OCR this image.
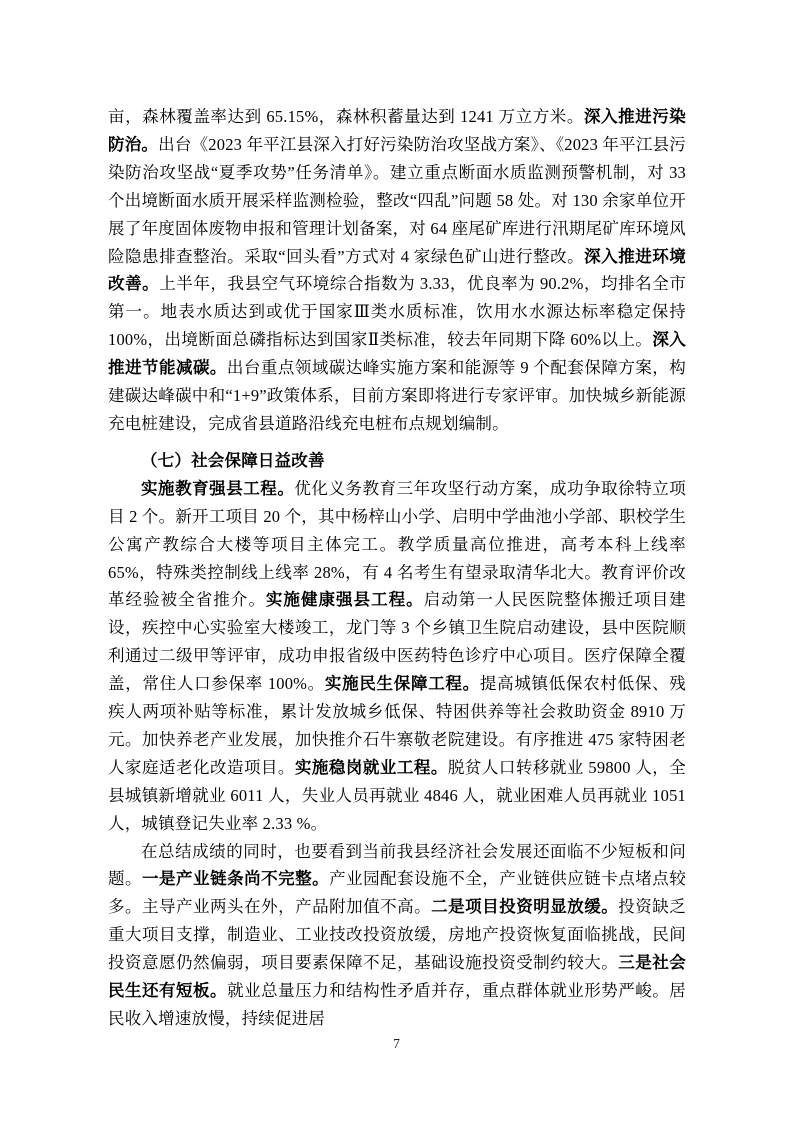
亩，森林覆盖率达到 65.15%，森林积蓄量达到 1241 万立方米。深入推进污染防治。出台《2023 年平江县深入打好污染防治攻坚战方案》、《2023 年平江县污染防治攻坚战“夏季攻势”任务清单》。建立重点断面水质监测预警机制，对 33 个出境断面水质开展采样监测检验，整改“四乱”问题 58 处。对 130 余家单位开展了年度固体废物申报和管理计划备案，对 64 座尾矿库进行汛期尾矿库环境风险隐患排查整治。采取“回头看”方式对 4 家绿色矿山进行整改。深入推进环境改善。上半年，我县空气环境综合指数为 3.33，优良率为 90.2%，均排名全市第一。地表水质达到或优于国家Ⅲ类水质标准，饮用水水源达标率稳定保持 100%，出境断面总磷指标达到国家Ⅱ类标准，较去年同期下降 60%以上。深入推进节能减碳。出台重点领域碳达峰实施方案和能源等 9 个配套保障方案，构建碳达峰碳中和“1+9”政策体系，目前方案即将进行专家评审。加快城乡新能源充电桩建设，完成省县道路沿线充电桩布点规划编制。

（七）社会保障日益改善

实施教育强县工程。优化义务教育三年攻坚行动方案，成功争取徐特立项目 2 个。新开工项目 20 个，其中杨梓山小学、启明中学曲池小学部、职校学生公寓产教综合大楼等项目主体完工。教学质量高位推进，高考本科上线率 65%，特殊类控制线上线率 28%，有 4 名考生有望录取清华北大。教育评价改革经验被全省推介。实施健康强县工程。启动第一人民医院整体搬迁项目建设，疾控中心实验室大楼竣工，龙门等 3 个乡镇卫生院启动建设，县中医院顺利通过二级甲等评审，成功申报省级中医药特色诊疗中心项目。医疗保障全覆盖，常住人口参保率 100%。实施民生保障工程。提高城镇低保农村低保、残疾人两项补贴等标准，累计发放城乡低保、特困供养等社会救助资金 8910 万元。加快养老产业发展，加快推介石牛寨敬老院建设。有序推进 475 家特困老人家庭适老化改造项目。实施稳岗就业工程。脱贫人口转移就业 59800 人，全县城镇新增就业 6011 人，失业人员再就业 4846 人，就业困难人员再就业 1051 人，城镇登记失业率 2.33 %。

在总结成绩的同时，也要看到当前我县经济社会发展还面临不少短板和问题。一是产业链条尚不完整。产业园配套设施不全，产业链供应链卡点堵点较多。主导产业两头在外，产品附加值不高。二是项目投资明显放缓。投资缺乏重大项目支撑，制造业、工业技改投资放缓，房地产投资恢复面临挑战，民间投资意愿仍然偏弱，项目要素保障不足，基础设施投资受制约较大。三是社会民生还有短板。就业总量压力和结构性矛盾并存，重点群体就业形势严峻。居民收入增速放慢，持续促进居

7
